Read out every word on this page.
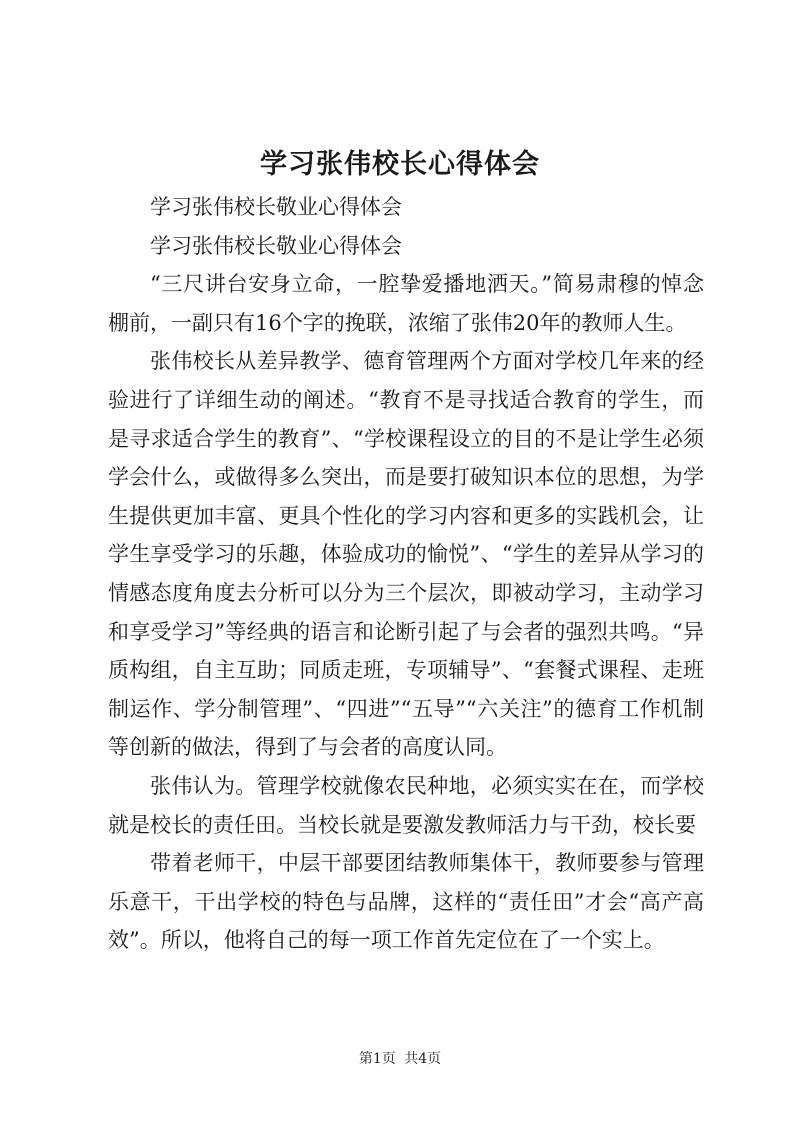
学习张伟校长心得体会

学习张伟校长敬业心得体会

学习张伟校长敬业心得体会

“三尺讲台安身立命，一腔挚爱播地洒天。”简易肃穆的悼念棚前，一副只有16个字的挽联，浓缩了张伟20年的教师人生。

张伟校长从差异教学、德育管理两个方面对学校几年来的经验进行了详细生动的阐述。“教育不是寻找适合教育的学生，而是寻求适合学生的教育”、“学校课程设立的目的不是让学生必须学会什么，或做得多么突出，而是要打破知识本位的思想，为学生提供更加丰富、更具个性化的学习内容和更多的实践机会，让学生享受学习的乐趣，体验成功的愉悦”、“学生的差异从学习的情感态度角度去分析可以分为三个层次，即被动学习，主动学习和享受学习”等经典的语言和论断引起了与会者的强烈共鸣。“异质构组，自主互助；同质走班，专项辅导”、“套餐式课程、走班制运作、学分制管理”、“四进”“五导”“六关注”的德育工作机制等创新的做法，得到了与会者的高度认同。

张伟认为。管理学校就像农民种地，必须实实在在，而学校就是校长的责任田。当校长就是要激发教师活力与干劲，校长要

带着老师干，中层干部要团结教师集体干，教师要参与管理乐意干，干出学校的特色与品牌，这样的“责任田”才会“高产高效”。所以，他将自己的每一项工作首先定位在了一个实上。

第1页 共4页
